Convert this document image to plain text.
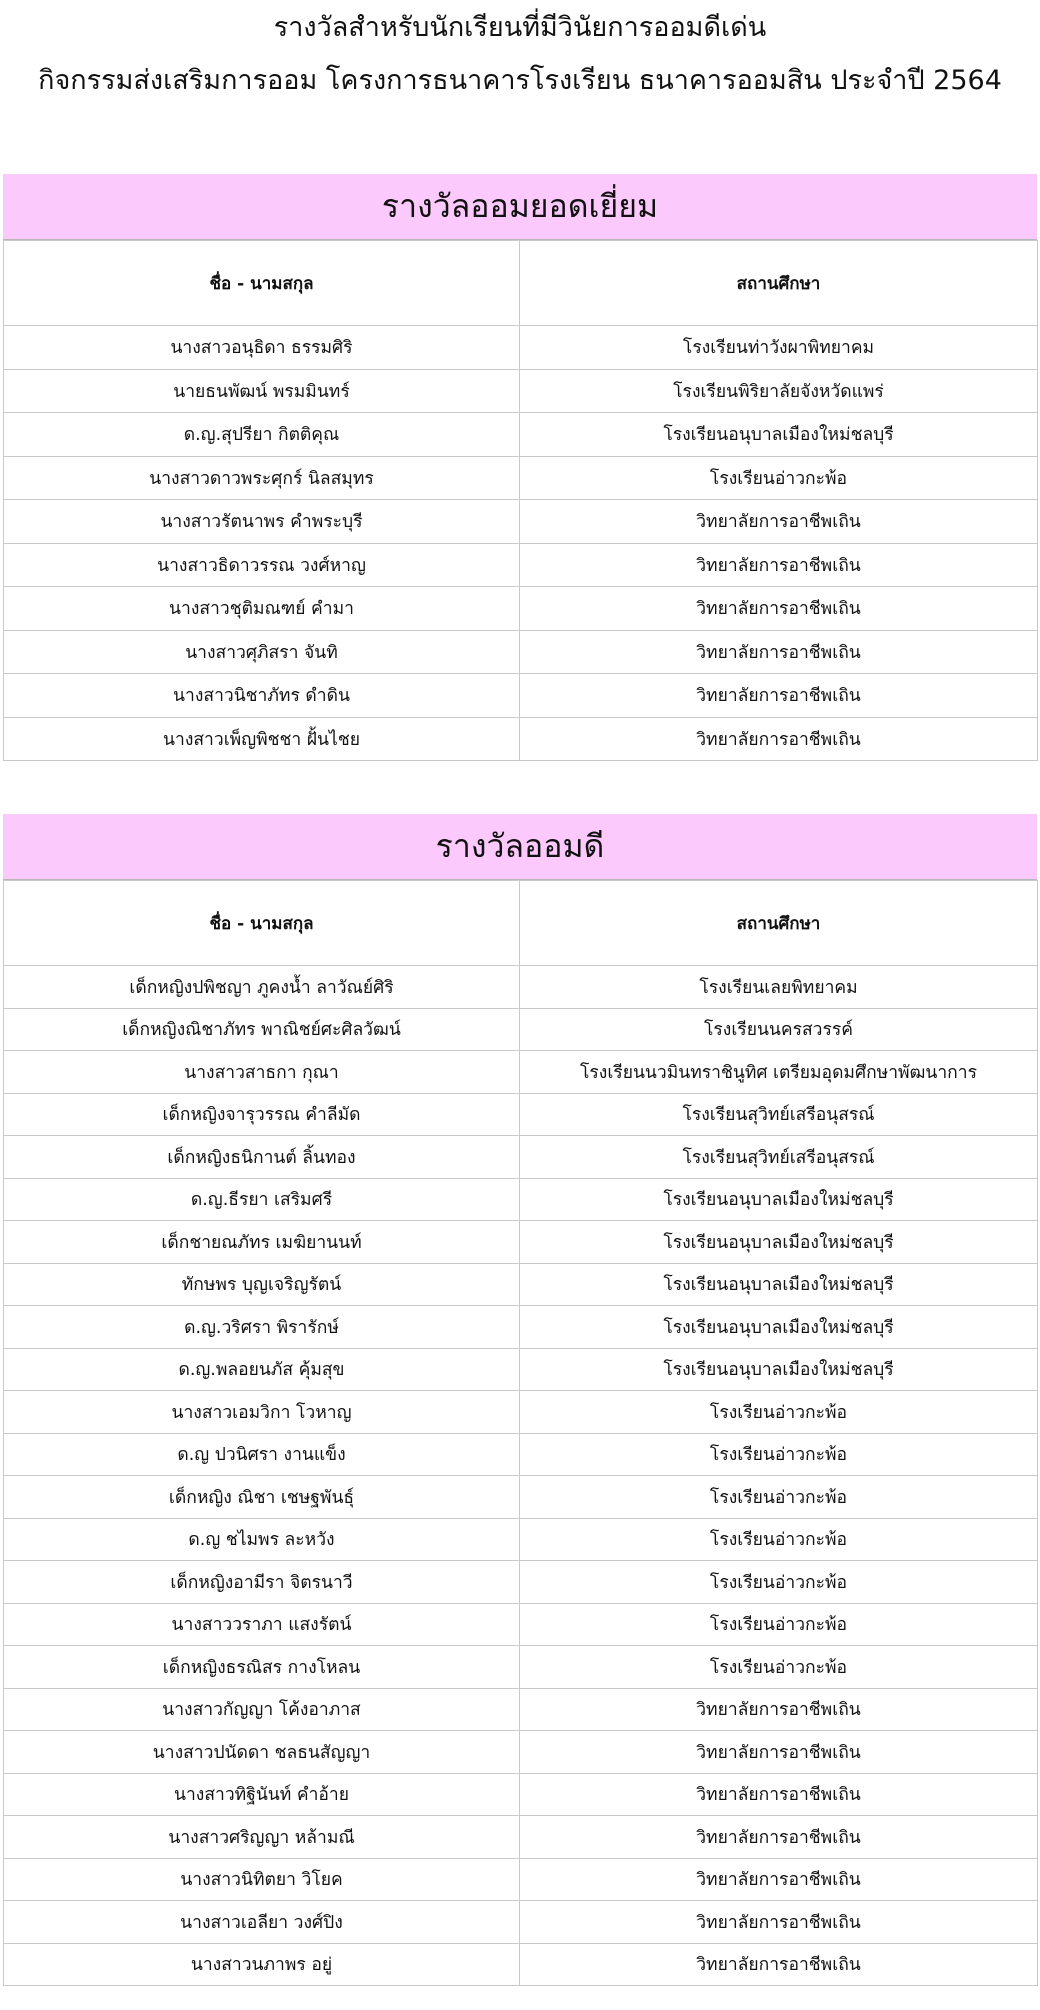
รางวัลสำหรับนักเรียนที่มีวินัยการออมดีเด่น
กิจกรรมส่งเสริมการออม โครงการธนาคารโรงเรียน ธนาคารออมสิน ประจำปี 2564
รางวัลออมยอดเยี่ยม
ชื่อ - นามสกุล	สถานศึกษา
นางสาวอนุธิดา ธรรมศิริ	โรงเรียนท่าวังผาพิทยาคม
นายธนพัฒน์ พรมมินทร์	โรงเรียนพิริยาลัยจังหวัดแพร่
ด.ญ.สุปรียา กิตติคุณ	โรงเรียนอนุบาลเมืองใหม่ชลบุรี
นางสาวดาวพระศุกร์ นิลสมุทร	โรงเรียนอ่าวกะพ้อ
นางสาวรัตนาพร คำพระบุรี	วิทยาลัยการอาชีพเถิน
นางสาวธิดาวรรณ วงศ์หาญ	วิทยาลัยการอาชีพเถิน
นางสาวชุติมณฑย์ คำมา	วิทยาลัยการอาชีพเถิน
นางสาวศุภิสรา จันทิ	วิทยาลัยการอาชีพเถิน
นางสาวนิชาภัทร ดำดิน	วิทยาลัยการอาชีพเถิน
นางสาวเพ็ญพิชชา ฝั้นไชย	วิทยาลัยการอาชีพเถิน
รางวัลออมดี
ชื่อ - นามสกุล	สถานศึกษา
เด็กหญิงปพิชญา ภูคงน้ำ ลาวัณย์ศิริ	โรงเรียนเลยพิทยาคม
เด็กหญิงณิชาภัทร พาณิชย์ศะศิลวัฒน์	โรงเรียนนครสวรรค์
นางสาวสาธกา กุณา	โรงเรียนนวมินทราชินูทิศ เตรียมอุดมศึกษาพัฒนาการ
เด็กหญิงจารุวรรณ คำลีมัด	โรงเรียนสุวิทย์เสรีอนุสรณ์
เด็กหญิงธนิกานต์ ลิ้นทอง	โรงเรียนสุวิทย์เสรีอนุสรณ์
ด.ญ.ธีรยา เสริมศรี	โรงเรียนอนุบาลเมืองใหม่ชลบุรี
เด็กชายณภัทร เมฆิยานนท์	โรงเรียนอนุบาลเมืองใหม่ชลบุรี
ทักษพร บุญเจริญรัตน์	โรงเรียนอนุบาลเมืองใหม่ชลบุรี
ด.ญ.วริศรา พิรารักษ์	โรงเรียนอนุบาลเมืองใหม่ชลบุรี
ด.ญ.พลอยนภัส คุ้มสุข	โรงเรียนอนุบาลเมืองใหม่ชลบุรี
นางสาวเอมวิกา โวหาญ	โรงเรียนอ่าวกะพ้อ
ด.ญ ปวนิศรา งานแข็ง	โรงเรียนอ่าวกะพ้อ
เด็กหญิง ณิชา เชษฐพันธุ์	โรงเรียนอ่าวกะพ้อ
ด.ญ ชไมพร ละหวัง	โรงเรียนอ่าวกะพ้อ
เด็กหญิงอามีรา จิตรนาวี	โรงเรียนอ่าวกะพ้อ
นางสาววราภา แสงรัตน์	โรงเรียนอ่าวกะพ้อ
เด็กหญิงธรณิสร กางโหลน	โรงเรียนอ่าวกะพ้อ
นางสาวกัญญา โค้งอาภาส	วิทยาลัยการอาชีพเถิน
นางสาวปนัดดา ชลธนสัญญา	วิทยาลัยการอาชีพเถิน
นางสาวทิฐินันท์ คำอ้าย	วิทยาลัยการอาชีพเถิน
นางสาวศริญญา หล้ามณี	วิทยาลัยการอาชีพเถิน
นางสาวนิทิตยา วิโยค	วิทยาลัยการอาชีพเถิน
นางสาวเอลียา วงศ์ปิง	วิทยาลัยการอาชีพเถิน
นางสาวนภาพร อยู่	วิทยาลัยการอาชีพเถิน
